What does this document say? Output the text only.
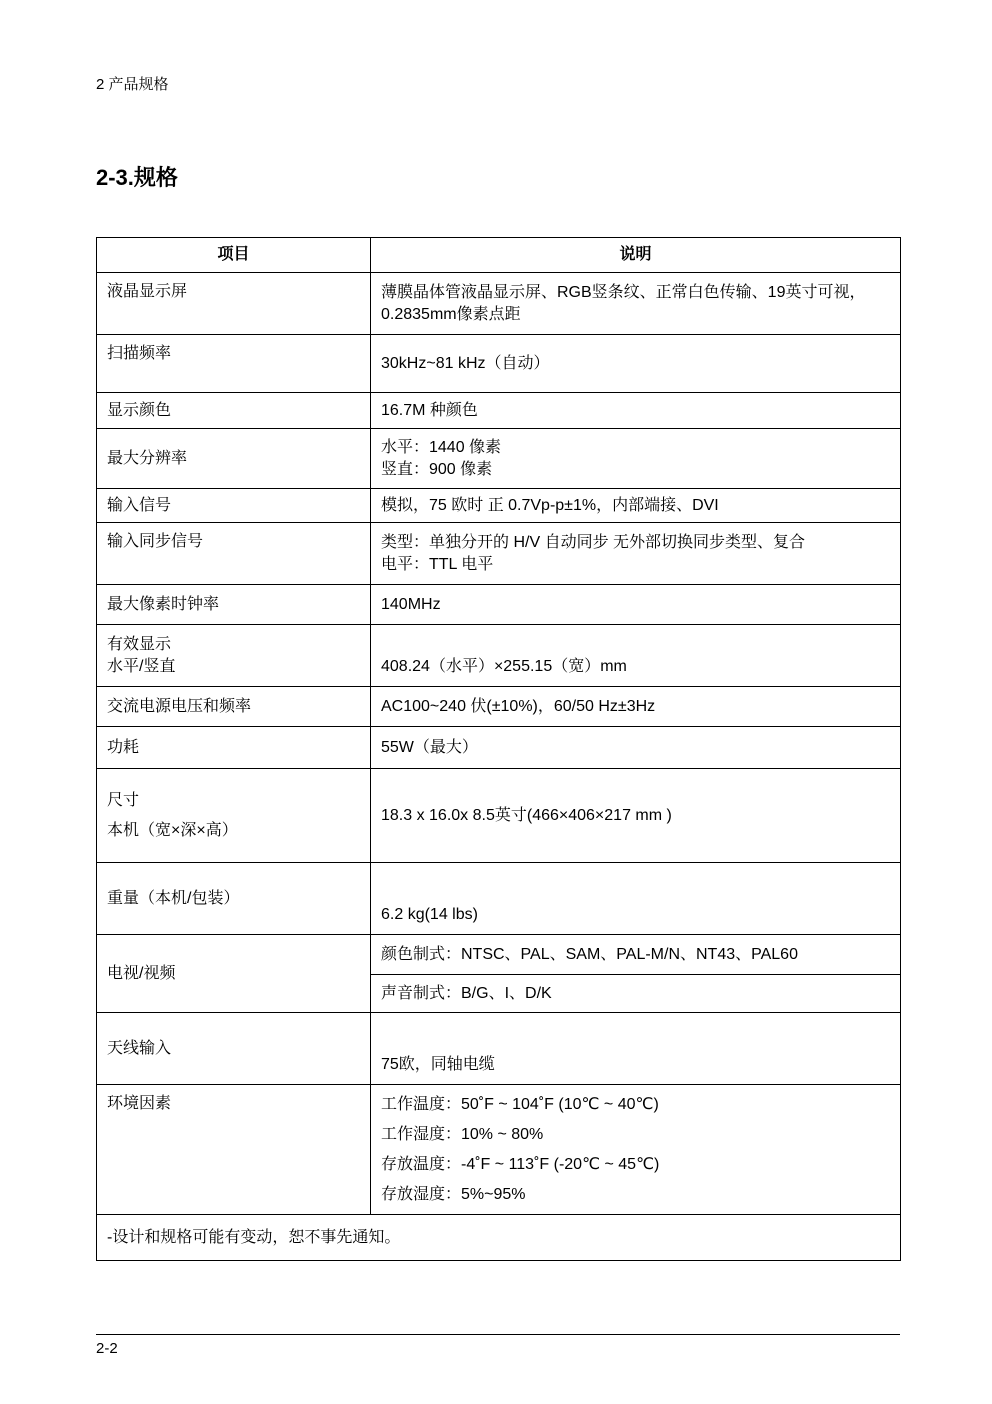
2 产品规格
2-3.规格
项目	说明
液晶显示屏	薄膜晶体管液晶显示屏、RGB竖条纹、正常白色传输、19英寸可视，
0.2835mm像素点距

扫描频率	30kHz~81 kHz（自动）
显示颜色	16.7M 种颜色
最大分辨率	水平：1440 像素
竖直：900 像素

输入信号	模拟，75 欧时 正 0.7Vp-p±1%，内部端接、DVI
输入同步信号	类型：单独分开的 H/V 自动同步 无外部切换同步类型、复合
电平：TTL 电平

最大像素时钟率	140MHz

有效显示
水平/竖直	408.24（水平）×255.15（宽）mm
交流电源电压和频率	AC100~240 伏(±10%)，60/50 Hz±3Hz
功耗	55W（最大）

尺寸
本机（宽×深×高）	18.3 x 16.0x 8.5英寸(466×406×217 mm )
重量（本机/包装）	6.2 kg(14 lbs)
电视/视频	颜色制式：NTSC、PAL、SAM、PAL-M/N、NT43、PAL60
	声音制式：B/G、I、D/K
天线输入	75欧，同轴电缆
环境因素	工作温度：50˚F ~ 104˚F (10℃ ~ 40℃)
工作湿度：10% ~ 80%
存放温度：-4˚F ~ 113˚F (-20℃ ~ 45℃)
存放湿度：5%~95%

-设计和规格可能有变动，恕不事先通知。	
2-2
